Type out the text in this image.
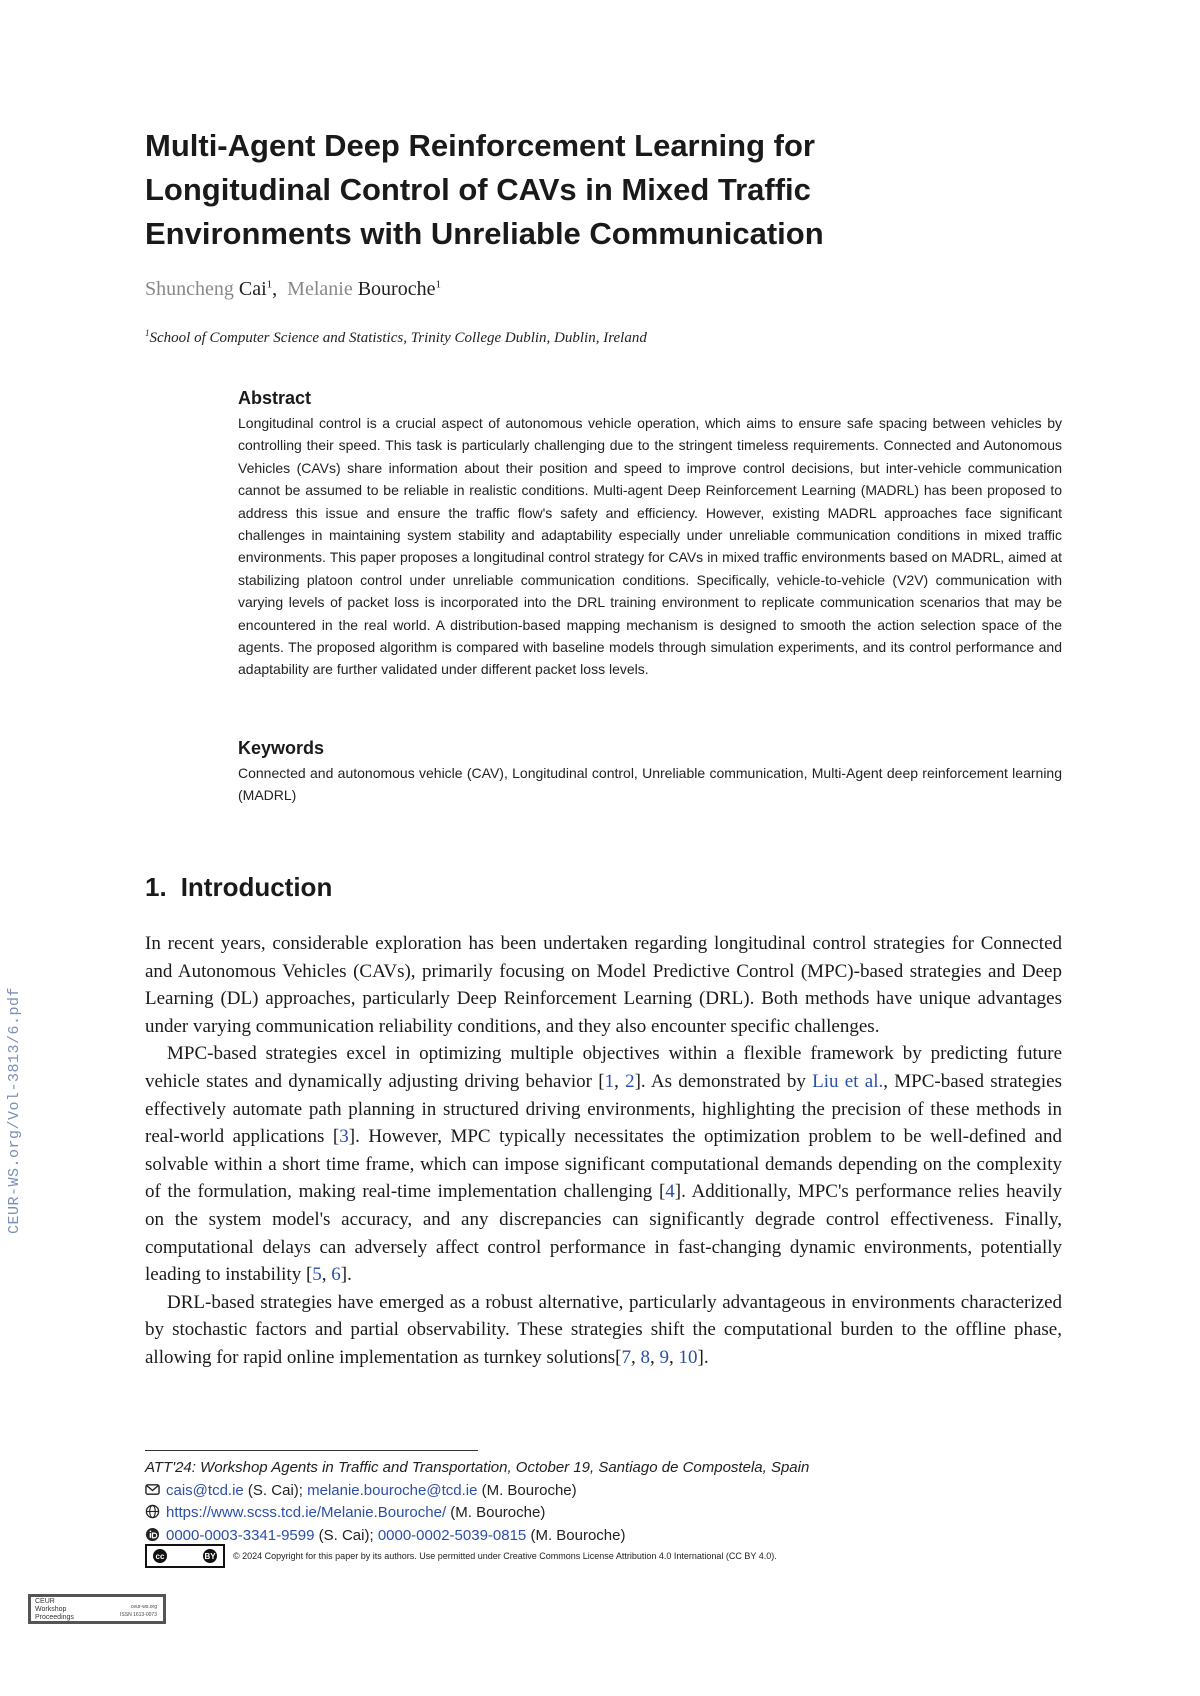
CEUR-WS.org/Vol-3813/6.pdf
Multi-Agent Deep Reinforcement Learning for
Longitudinal Control of CAVs in Mixed Traffic
Environments with Unreliable Communication
Shuncheng Cai$^1$,  Melanie Bouroche$^1$
$^1$School of Computer Science and Statistics, Trinity College Dublin, Dublin, Ireland
Abstract

Longitudinal control is a crucial aspect of autonomous vehicle operation, which aims to ensure safe spacing between vehicles by controlling their speed. This task is particularly challenging due to the stringent timeless requirements. Connected and Autonomous Vehicles (CAVs) share information about their position and speed to improve control decisions, but inter-vehicle communication cannot be assumed to be reliable in realistic conditions. Multi-agent Deep Reinforcement Learning (MADRL) has been proposed to address this issue and ensure the traffic flow's safety and efficiency. However, existing MADRL approaches face significant challenges in maintaining system stability and adaptability especially under unreliable communication conditions in mixed traffic environments. This paper proposes a longitudinal control strategy for CAVs in mixed traffic environments based on MADRL, aimed at stabilizing platoon control under unreliable communication conditions. Specifically, vehicle-to-vehicle (V2V) communication with varying levels of packet loss is incorporated into the DRL training environment to replicate communication scenarios that may be encountered in the real world. A distribution-based mapping mechanism is designed to smooth the action selection space of the agents. The proposed algorithm is compared with baseline models through simulation experiments, and its control performance and adaptability are further validated under different packet loss levels.

Keywords

Connected and autonomous vehicle (CAV), Longitudinal control, Unreliable communication, Multi-Agent deep reinforcement learning (MADRL)

1. Introduction

In recent years, considerable exploration has been undertaken regarding longitudinal control strategies for Connected and Autonomous Vehicles (CAVs), primarily focusing on Model Predictive Control (MPC)-based strategies and Deep Learning (DL) approaches, particularly Deep Reinforcement Learning (DRL). Both methods have unique advantages under varying communication reliability conditions, and they also encounter specific challenges.

MPC-based strategies excel in optimizing multiple objectives within a flexible framework by predicting future vehicle states and dynamically adjusting driving behavior [1, 2]. As demonstrated by Liu et al., MPC-based strategies effectively automate path planning in structured driving environments, highlighting the precision of these methods in real-world applications [3]. However, MPC typically necessitates the optimization problem to be well-defined and solvable within a short time frame, which can impose significant computational demands depending on the complexity of the formulation, making real-time implementation challenging [4]. Additionally, MPC's performance relies heavily on the system model's accuracy, and any discrepancies can significantly degrade control effectiveness. Finally, computational delays can adversely affect control performance in fast-changing dynamic environments, potentially leading to instability [5, 6].

DRL-based strategies have emerged as a robust alternative, particularly advantageous in environments characterized by stochastic factors and partial observability. These strategies shift the computational burden to the offline phase, allowing for rapid online implementation as turnkey solutions[7, 8, 9, 10].

ATT'24: Workshop Agents in Traffic and Transportation, October 19, Santiago de Compostela, Spain
cais@tcd.ie (S. Cai); melanie.bouroche@tcd.ie (M. Bouroche)
https://www.scss.tcd.ie/Melanie.Bouroche/ (M. Bouroche)
0000-0003-3341-9599 (S. Cai); 0000-0002-5039-0815 (M. Bouroche)
cc	BY © 2024 Copyright for this paper by its authors. Use permitted under Creative Commons License Attribution 4.0 International (CC BY 4.0).
CEUR
Workshop
Proceedings
ceur-ws.org
ISSN 1613-0073
